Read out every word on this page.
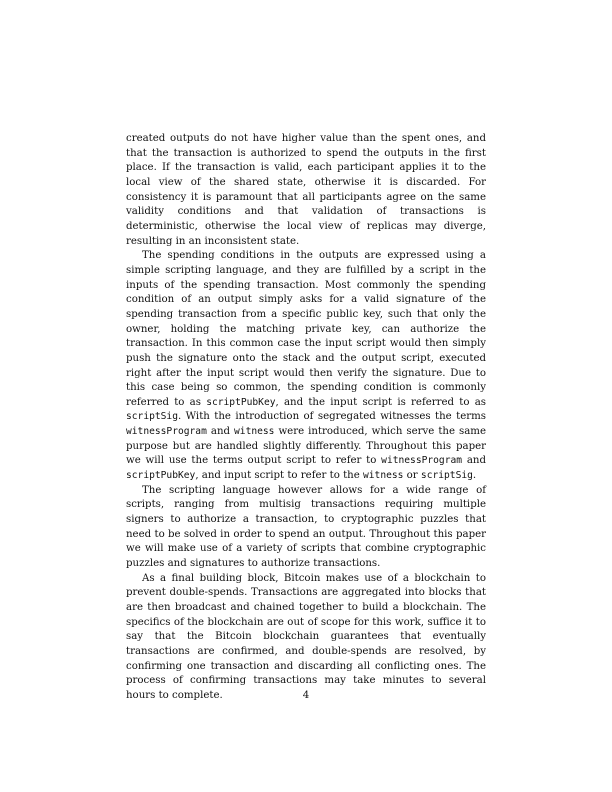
created outputs do not have higher value than the spent ones, and that the transaction is authorized to spend the outputs in the first place. If the transaction is valid, each participant applies it to the local view of the shared state, otherwise it is discarded. For consistency it is paramount that all participants agree on the same validity conditions and that validation of transactions is deterministic, otherwise the local view of replicas may diverge, resulting in an inconsistent state.

The spending conditions in the outputs are expressed using a simple scripting language, and they are fulfilled by a script in the inputs of the spending transaction. Most commonly the spending condition of an output simply asks for a valid signature of the spending transaction from a specific public key, such that only the owner, holding the matching private key, can authorize the transaction. In this common case the input script would then simply push the signature onto the stack and the output script, executed right after the input script would then verify the signature. Due to this case being so common, the spending condition is commonly referred to as scriptPubKey, and the input script is referred to as scriptSig. With the introduction of segregated witnesses the terms witnessProgram and witness were introduced, which serve the same purpose but are handled slightly differently. Throughout this paper we will use the terms output script to refer to witnessProgram and scriptPubKey, and input script to refer to the witness or scriptSig.

The scripting language however allows for a wide range of scripts, ranging from multisig transactions requiring multiple signers to authorize a transaction, to cryptographic puzzles that need to be solved in order to spend an output. Throughout this paper we will make use of a variety of scripts that combine cryptographic puzzles and signatures to authorize transactions.

As a final building block, Bitcoin makes use of a blockchain to prevent double-spends. Transactions are aggregated into blocks that are then broadcast and chained together to build a blockchain. The specifics of the blockchain are out of scope for this work, suffice it to say that the Bitcoin blockchain guarantees that eventually transactions are confirmed, and double-spends are resolved, by confirming one transaction and discarding all conflicting ones. The process of confirming transactions may take minutes to several hours to complete.	4
